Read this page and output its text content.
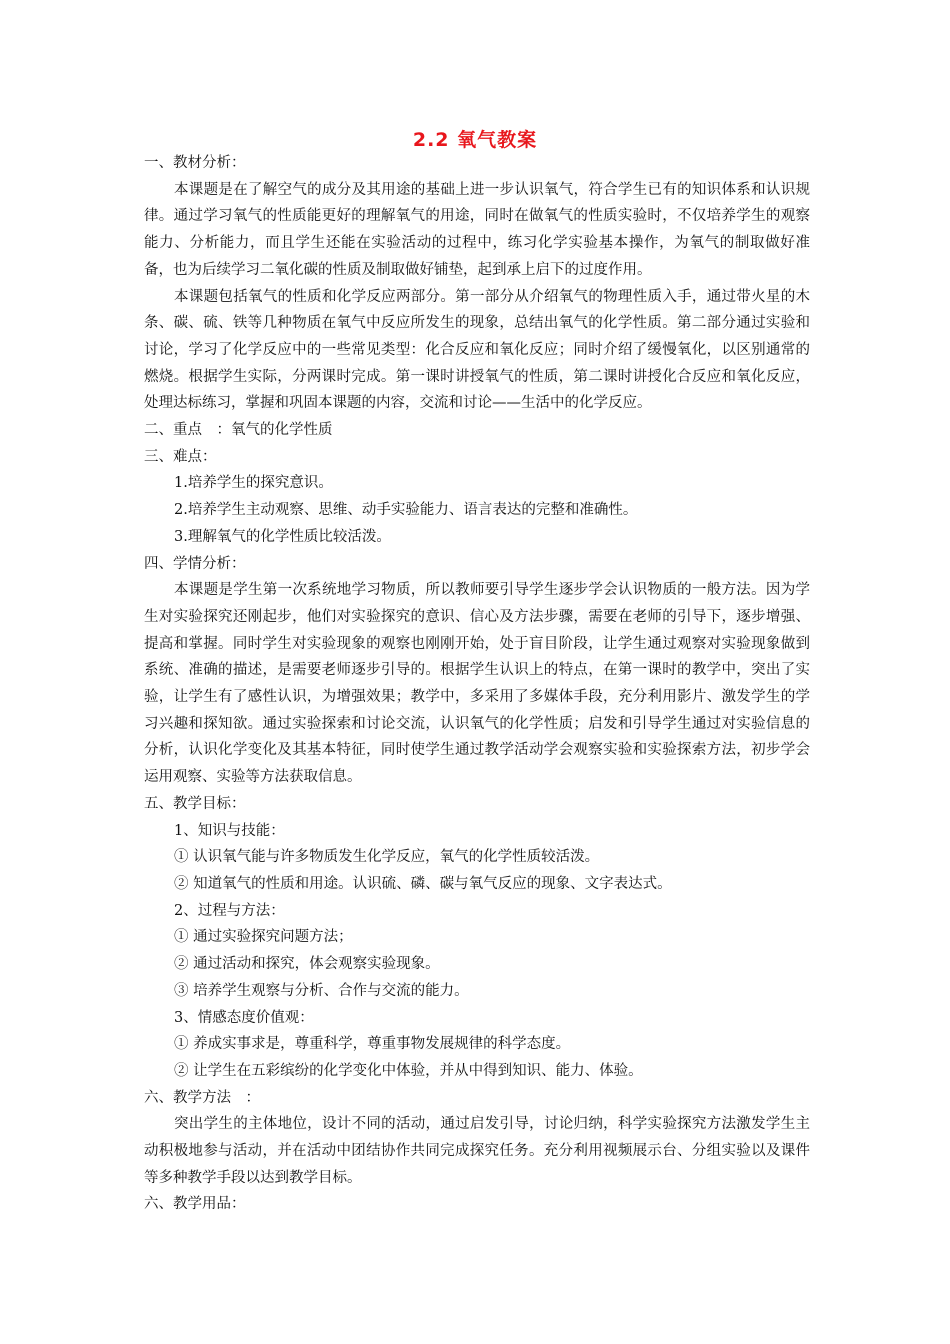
2.2 氧气教案

一、教材分析：

本课题是在了解空气的成分及其用途的基础上进一步认识氧气，符合学生已有的知识体系和认识规律。通过学习氧气的性质能更好的理解氧气的用途，同时在做氧气的性质实验时，不仅培养学生的观察能力、分析能力，而且学生还能在实验活动的过程中，练习化学实验基本操作，为氧气的制取做好准备，也为后续学习二氧化碳的性质及制取做好铺垫，起到承上启下的过度作用。

本课题包括氧气的性质和化学反应两部分。第一部分从介绍氧气的物理性质入手，通过带火星的木条、碳、硫、铁等几种物质在氧气中反应所发生的现象，总结出氧气的化学性质。第二部分通过实验和讨论，学习了化学反应中的一些常见类型：化合反应和氧化反应；同时介绍了缓慢氧化，以区别通常的燃烧。根据学生实际，分两课时完成。第一课时讲授氧气的性质，第二课时讲授化合反应和氧化反应，处理达标练习，掌握和巩固本课题的内容，交流和讨论——生活中的化学反应。

二、重点　：氧气的化学性质

三、难点：

1.培养学生的探究意识。

2.培养学生主动观察、思维、动手实验能力、语言表达的完整和准确性。

3.理解氧气的化学性质比较活泼。

四、学情分析：

本课题是学生第一次系统地学习物质，所以教师要引导学生逐步学会认识物质的一般方法。因为学生对实验探究还刚起步，他们对实验探究的意识、信心及方法步骤，需要在老师的引导下，逐步增强、提高和掌握。同时学生对实验现象的观察也刚刚开始，处于盲目阶段，让学生通过观察对实验现象做到系统、准确的描述，是需要老师逐步引导的。根据学生认识上的特点，在第一课时的教学中，突出了实验，让学生有了感性认识，为增强效果；教学中，多采用了多媒体手段，充分利用影片、激发学生的学习兴趣和探知欲。通过实验探索和讨论交流，认识氧气的化学性质；启发和引导学生通过对实验信息的分析，认识化学变化及其基本特征，同时使学生通过教学活动学会观察实验和实验探索方法，初步学会运用观察、实验等方法获取信息。

五、教学目标：

1、知识与技能：

① 认识氧气能与许多物质发生化学反应，氧气的化学性质较活泼。

② 知道氧气的性质和用途。认识硫、磷、碳与氧气反应的现象、文字表达式。

2、过程与方法：

① 通过实验探究问题方法；

② 通过活动和探究，体会观察实验现象。

③ 培养学生观察与分析、合作与交流的能力。

3、情感态度价值观：

① 养成实事求是，尊重科学，尊重事物发展规律的科学态度。

② 让学生在五彩缤纷的化学变化中体验，并从中得到知识、能力、体验。

六、教学方法　：

突出学生的主体地位，设计不同的活动，通过启发引导，讨论归纳，科学实验探究方法激发学生主动积极地参与活动，并在活动中团结协作共同完成探究任务。充分利用视频展示台、分组实验以及课件等多种教学手段以达到教学目标。

六、教学用品：
